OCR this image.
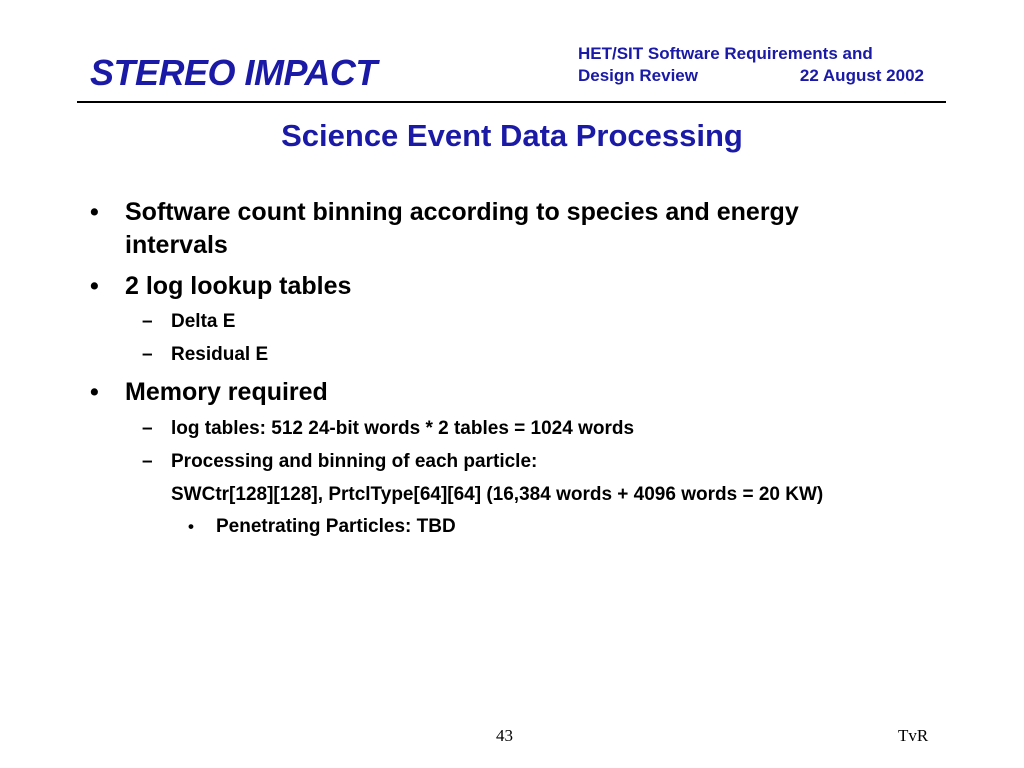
STEREO IMPACT	HET/SIT Software Requirements and
Design Review	22 August 2002
Science Event Data Processing
• Software count binning according to species and energy
intervals
• 2 log lookup tables
– Delta E
– Residual E
• Memory required
– log tables: 512 24-bit words * 2 tables = 1024 words
– Processing and binning of each particle:
SWCtr[128][128], PrtclType[64][64] (16,384 words + 4096 words = 20 KW)
• Penetrating Particles: TBD
43	TvR
